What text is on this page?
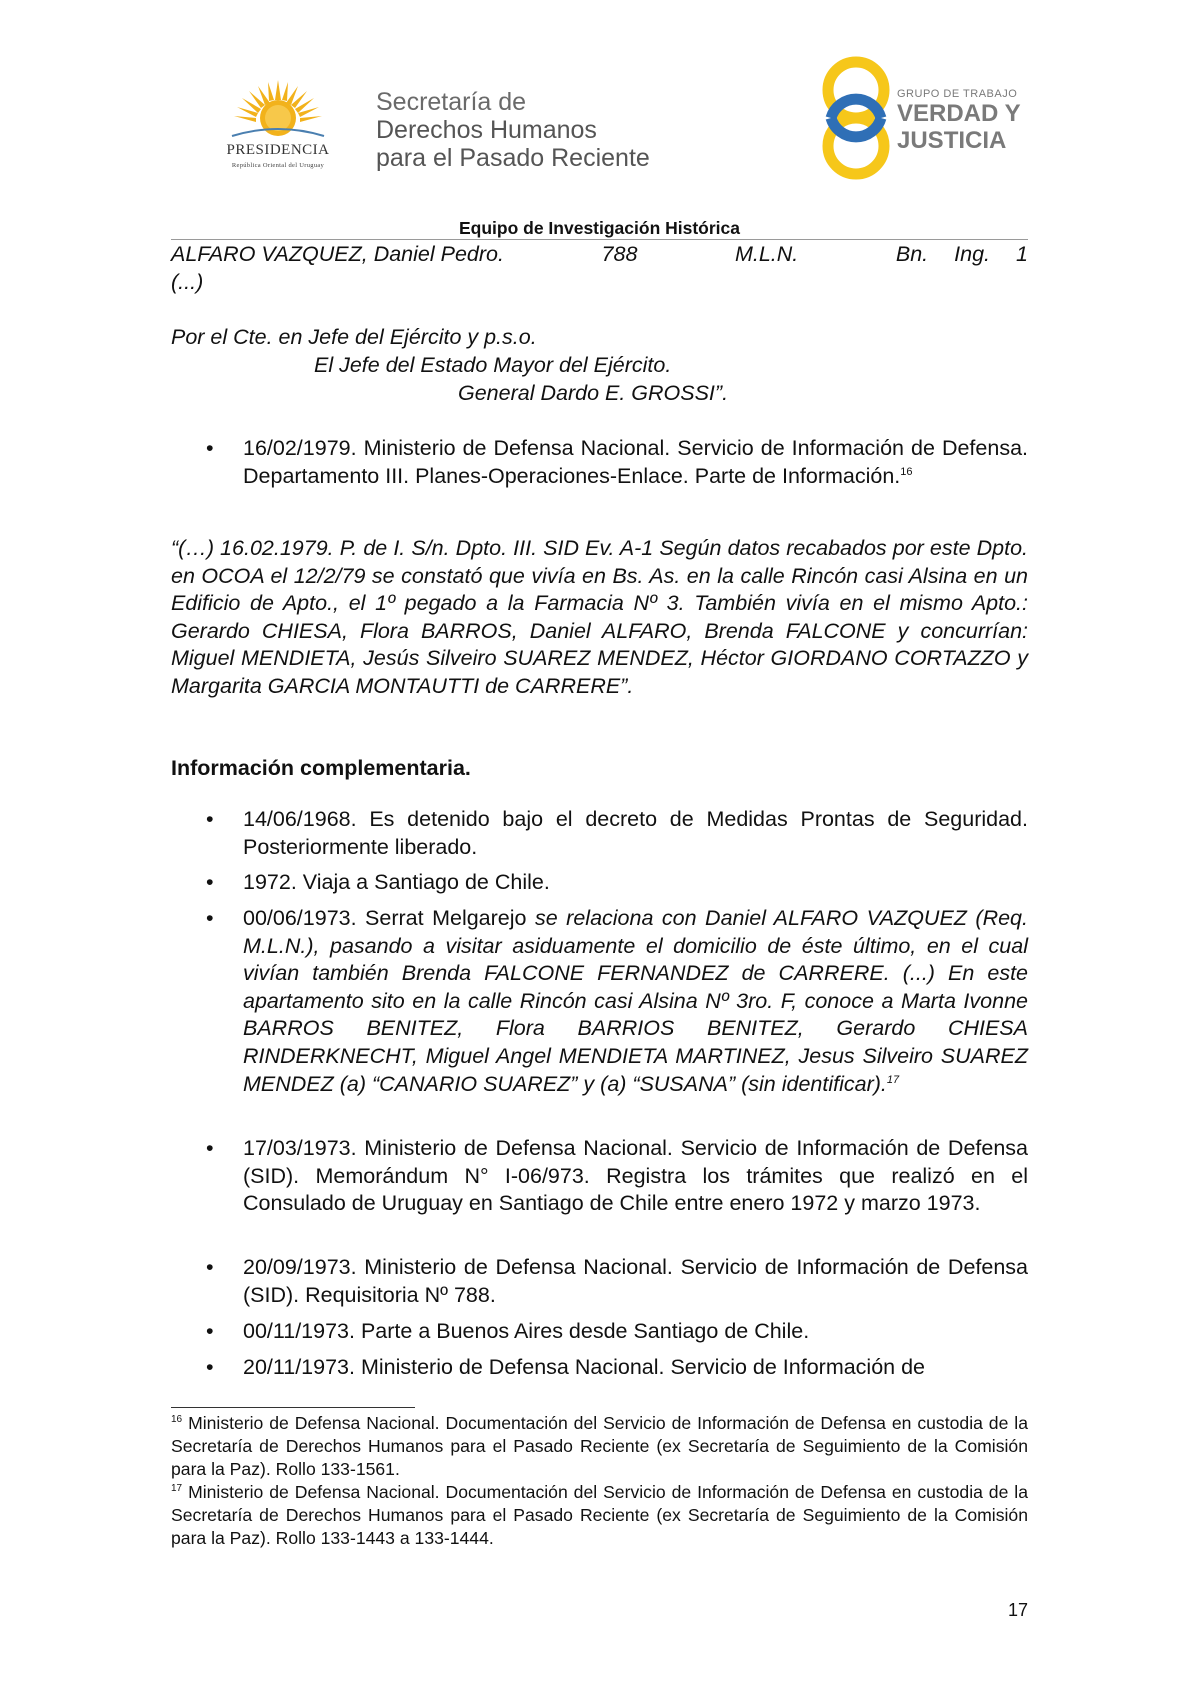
PRESIDENCIA
República Oriental del Uruguay
Secretaría de
Derechos Humanos
para el Pasado Reciente
GRUPO DE TRABAJO
VERDAD Y
JUSTICIA
Equipo de Investigación Histórica
ALFARO VAZQUEZ, Daniel Pedro.	788	M.L.N.	Bn. Ing. 1
(...)
Por el Cte. en Jefe del Ejército y p.s.o.
El Jefe del Estado Mayor del Ejército.
General Dardo E. GROSSI”.
• 16/02/1979. Ministerio de Defensa Nacional. Servicio de Información de Defensa. Departamento III. Planes-Operaciones-Enlace. Parte de Información.$^{16}$
“(…) 16.02.1979. P. de I. S/n. Dpto. III. SID Ev. A-1 Según datos recabados por este Dpto. en OCOA el 12/2/79 se constató que vivía en Bs. As. en la calle Rincón casi Alsina en un Edificio de Apto., el 1º pegado a la Farmacia Nº 3. También vivía en el mismo Apto.: Gerardo CHIESA, Flora BARROS, Daniel ALFARO, Brenda FALCONE y concurrían: Miguel MENDIETA, Jesús Silveiro SUAREZ MENDEZ, Héctor GIORDANO CORTAZZO y Margarita GARCIA MONTAUTTI de CARRERE”.
Información complementaria.
• 14/06/1968. Es detenido bajo el decreto de Medidas Prontas de Seguridad. Posteriormente liberado.
• 1972. Viaja a Santiago de Chile.
• 00/06/1973. Serrat Melgarejo se relaciona con Daniel ALFARO VAZQUEZ (Req. M.L.N.), pasando a visitar asiduamente el domicilio de éste último, en el cual vivían también Brenda FALCONE FERNANDEZ de CARRERE. (...) En este apartamento sito en la calle Rincón casi Alsina Nº 3ro. F, conoce a Marta Ivonne BARROS BENITEZ, Flora BARRIOS BENITEZ, Gerardo CHIESA RINDERKNECHT, Miguel Angel MENDIETA MARTINEZ, Jesus Silveiro SUAREZ MENDEZ (a) “CANARIO SUAREZ” y (a) “SUSANA” (sin identificar).$^{17}$
• 17/03/1973. Ministerio de Defensa Nacional. Servicio de Información de Defensa (SID). Memorándum N° I-06/973. Registra los trámites que realizó en el Consulado de Uruguay en Santiago de Chile entre enero 1972 y marzo 1973.
• 20/09/1973. Ministerio de Defensa Nacional. Servicio de Información de Defensa (SID). Requisitoria Nº 788.
• 00/11/1973. Parte a Buenos Aires desde Santiago de Chile.
• 20/11/1973. Ministerio de Defensa Nacional. Servicio de Información de
$^{16}$ Ministerio de Defensa Nacional. Documentación del Servicio de Información de Defensa en custodia de la Secretaría de Derechos Humanos para el Pasado Reciente (ex Secretaría de Seguimiento de la Comisión para la Paz). Rollo 133-1561.
$^{17}$ Ministerio de Defensa Nacional. Documentación del Servicio de Información de Defensa en custodia de la Secretaría de Derechos Humanos para el Pasado Reciente (ex Secretaría de Seguimiento de la Comisión para la Paz). Rollo 133-1443 a 133-1444.
17
